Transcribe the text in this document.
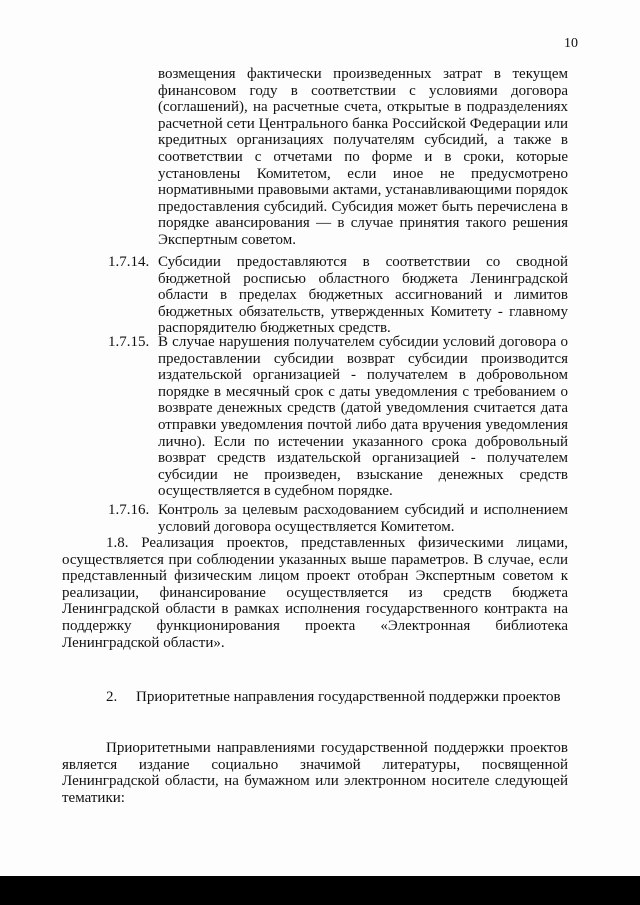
10
возмещения фактически произведенных затрат в текущем финансовом году в соответствии с условиями договора (соглашений), на расчетные счета, открытые в подразделениях расчетной сети Центрального банка Российской Федерации или кредитных организациях получателям субсидий, а также в соответствии с отчетами по форме и в сроки, которые установлены Комитетом, если иное не предусмотрено нормативными правовыми актами, устанавливающими порядок предоставления субсидий. Субсидия может быть перечислена в порядке авансирования — в случае принятия такого решения Экспертным советом.
1.7.14. Субсидии предоставляются в соответствии со сводной бюджетной росписью областного бюджета Ленинградской области в пределах бюджетных ассигнований и лимитов бюджетных обязательств, утвержденных Комитету - главному распорядителю бюджетных средств.
1.7.15. В случае нарушения получателем субсидии условий договора о предоставлении субсидии возврат субсидии производится издательской организацией - получателем в добровольном порядке в месячный срок с даты уведомления с требованием о возврате денежных средств (датой уведомления считается дата отправки уведомления почтой либо дата вручения уведомления лично). Если по истечении указанного срока добровольный возврат средств издательской организацией - получателем субсидии не произведен, взыскание денежных средств осуществляется в судебном порядке.
1.7.16. Контроль за целевым расходованием субсидий и исполнением условий договора осуществляется Комитетом.
1.8. Реализация проектов, представленных физическими лицами, осуществляется при соблюдении указанных выше параметров. В случае, если представленный физическим лицом проект отобран Экспертным советом к реализации, финансирование осуществляется из средств бюджета Ленинградской области в рамках исполнения государственного контракта на поддержку функционирования проекта «Электронная библиотека Ленинградской области».
2. Приоритетные направления государственной поддержки проектов
Приоритетными направлениями государственной поддержки проектов является издание социально значимой литературы, посвященной Ленинградской области, на бумажном или электронном носителе следующей тематики:
